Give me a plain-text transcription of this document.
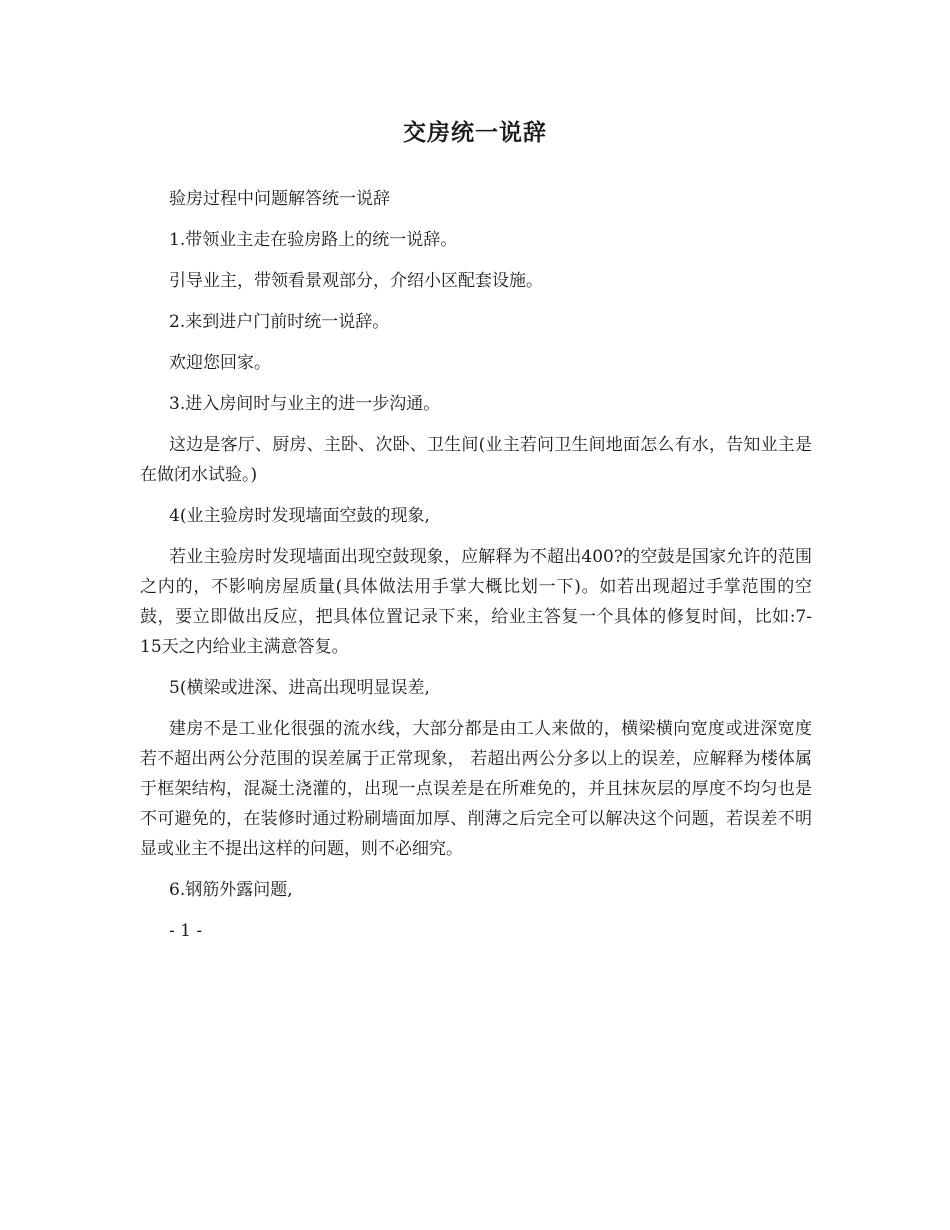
交房统一说辞

验房过程中问题解答统一说辞

1.带领业主走在验房路上的统一说辞。

引导业主，带领看景观部分，介绍小区配套设施。

2.来到进户门前时统一说辞。

欢迎您回家。

3.进入房间时与业主的进一步沟通。

这边是客厅、厨房、主卧、次卧、卫生间(业主若问卫生间地面怎么有水，告知业主是在做闭水试验。)

4(业主验房时发现墙面空鼓的现象,

若业主验房时发现墙面出现空鼓现象，应解释为不超出400?的空鼓是国家允许的范围之内的，不影响房屋质量(具体做法用手掌大概比划一下)。如若出现超过手掌范围的空鼓，要立即做出反应，把具体位置记录下来，给业主答复一个具体的修复时间，比如:7-15天之内给业主满意答复。

5(横梁或进深、进高出现明显误差,

建房不是工业化很强的流水线，大部分都是由工人来做的，横梁横向宽度或进深宽度若不超出两公分范围的误差属于正常现象， 若超出两公分多以上的误差，应解释为楼体属于框架结构，混凝土浇灌的，出现一点误差是在所难免的，并且抹灰层的厚度不均匀也是不可避免的，在装修时通过粉刷墙面加厚、削薄之后完全可以解决这个问题，若误差不明显或业主不提出这样的问题，则不必细究。

6.钢筋外露问题,

- 1 -
